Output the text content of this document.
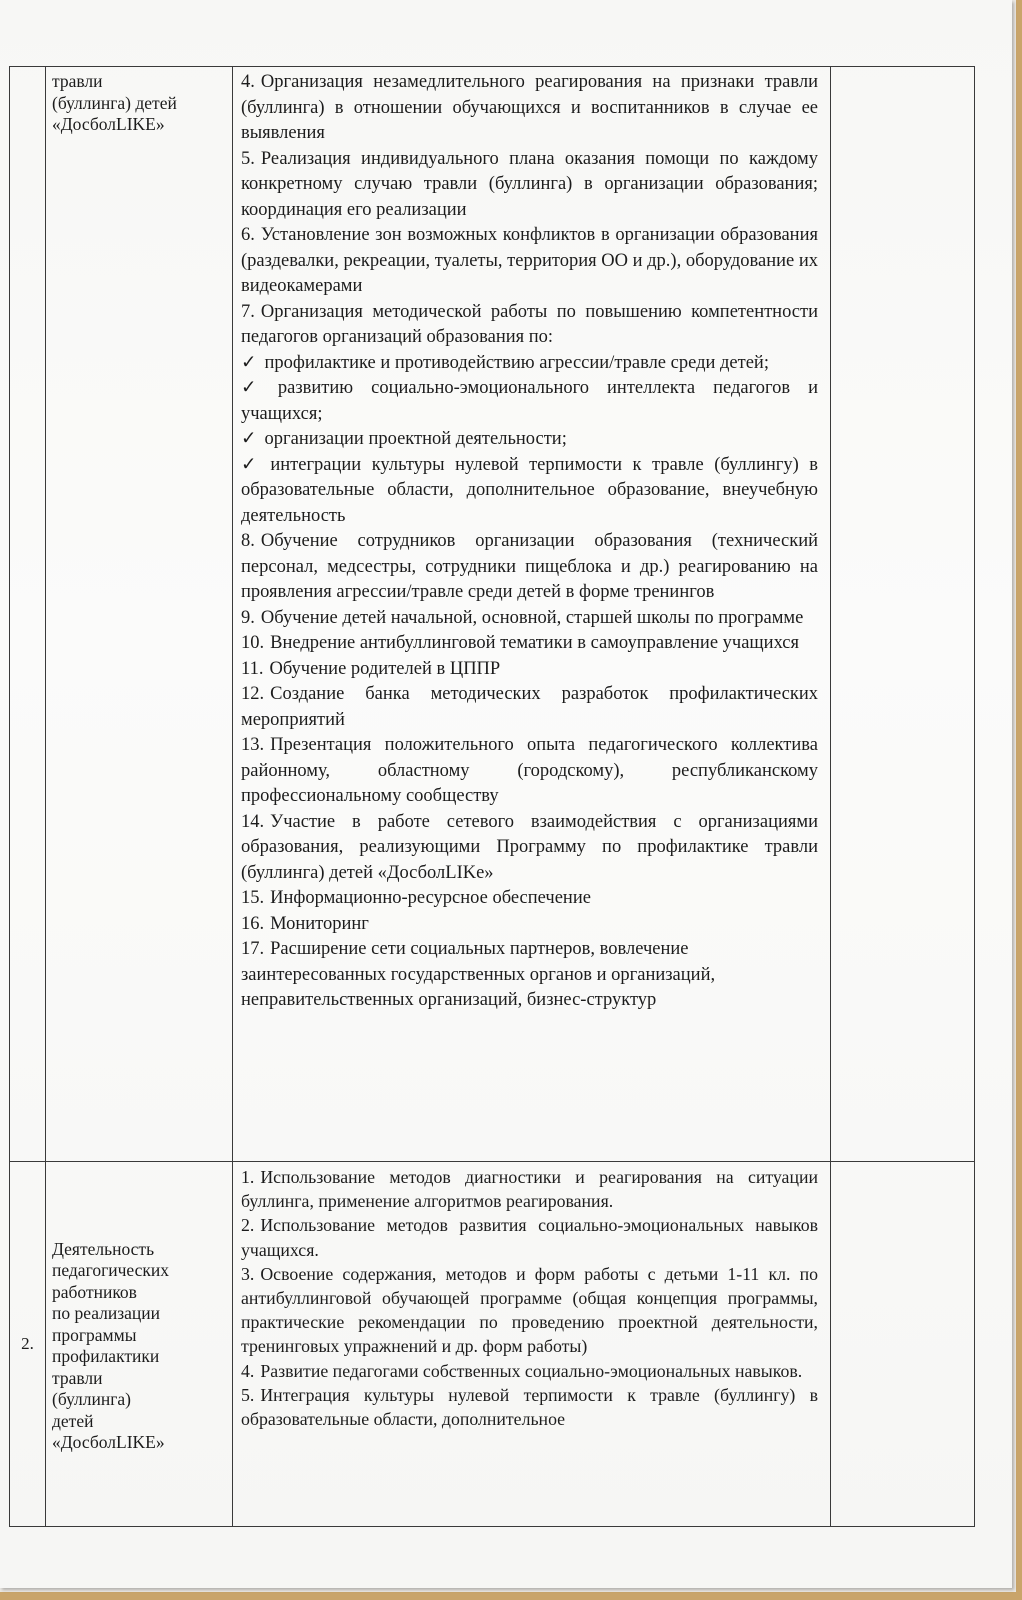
травли
(буллинга) детей
«ДосболLIKE»
4. Организация незамедлительного реагирования на признаки травли (буллинга) в отношении обучающихся и воспитанников в случае ее выявления
5. Реализация индивидуального плана оказания помощи по каждому конкретному случаю травли (буллинга) в организации образования; координация его реализации
6. Установление зон возможных конфликтов в организации образования (раздевалки, рекреации, туалеты, территория ОО и др.), оборудование их видеокамерами
7. Организация методической работы по повышению компетентности педагогов организаций образования по:
✓ профилактике и противодействию агрессии/травле среди детей;
✓ развитию социально-эмоционального интеллекта педагогов и учащихся;
✓ организации проектной деятельности;
✓ интеграции культуры нулевой терпимости к травле (буллингу) в образовательные области, дополнительное образование, внеучебную деятельность
8. Обучение сотрудников организации образования (технический персонал, медсестры, сотрудники пищеблока и др.) реагированию на проявления агрессии/травле среди детей в форме тренингов
9. Обучение детей начальной, основной, старшей школы по программе
10. Внедрение антибуллинговой тематики в самоуправление учащихся
11. Обучение родителей в ЦППР
12. Создание банка методических разработок профилактических мероприятий
13. Презентация положительного опыта педагогического коллектива районному, областному (городскому), республиканскому профессиональному сообществу
14. Участие в работе сетевого взаимодействия с организациями образования, реализующими Программу по профилактике травли (буллинга) детей «ДосболLIKe»
15. Информационно-ресурсное обеспечение
16. Мониторинг
17. Расширение сети социальных партнеров, вовлечение заинтересованных государственных органов и организаций, неправительственных организаций, бизнес-структур
2.
Деятельность
педагогических
работников
по реализации
программы
профилактики
травли
(буллинга)
детей
«ДосболLIKE»
1. Использование методов диагностики и реагирования на ситуации буллинга, применение алгоритмов реагирования.
2. Использование методов развития социально-эмоциональных навыков учащихся.
3. Освоение содержания, методов и форм работы с детьми 1-11 кл. по антибуллинговой обучающей программе (общая концепция программы, практические рекомендации по проведению проектной деятельности, тренинговых упражнений и др. форм работы)
4. Развитие педагогами собственных социально-эмоциональных навыков.
5. Интеграция культуры нулевой терпимости к травле (буллингу) в образовательные области, дополнительное
